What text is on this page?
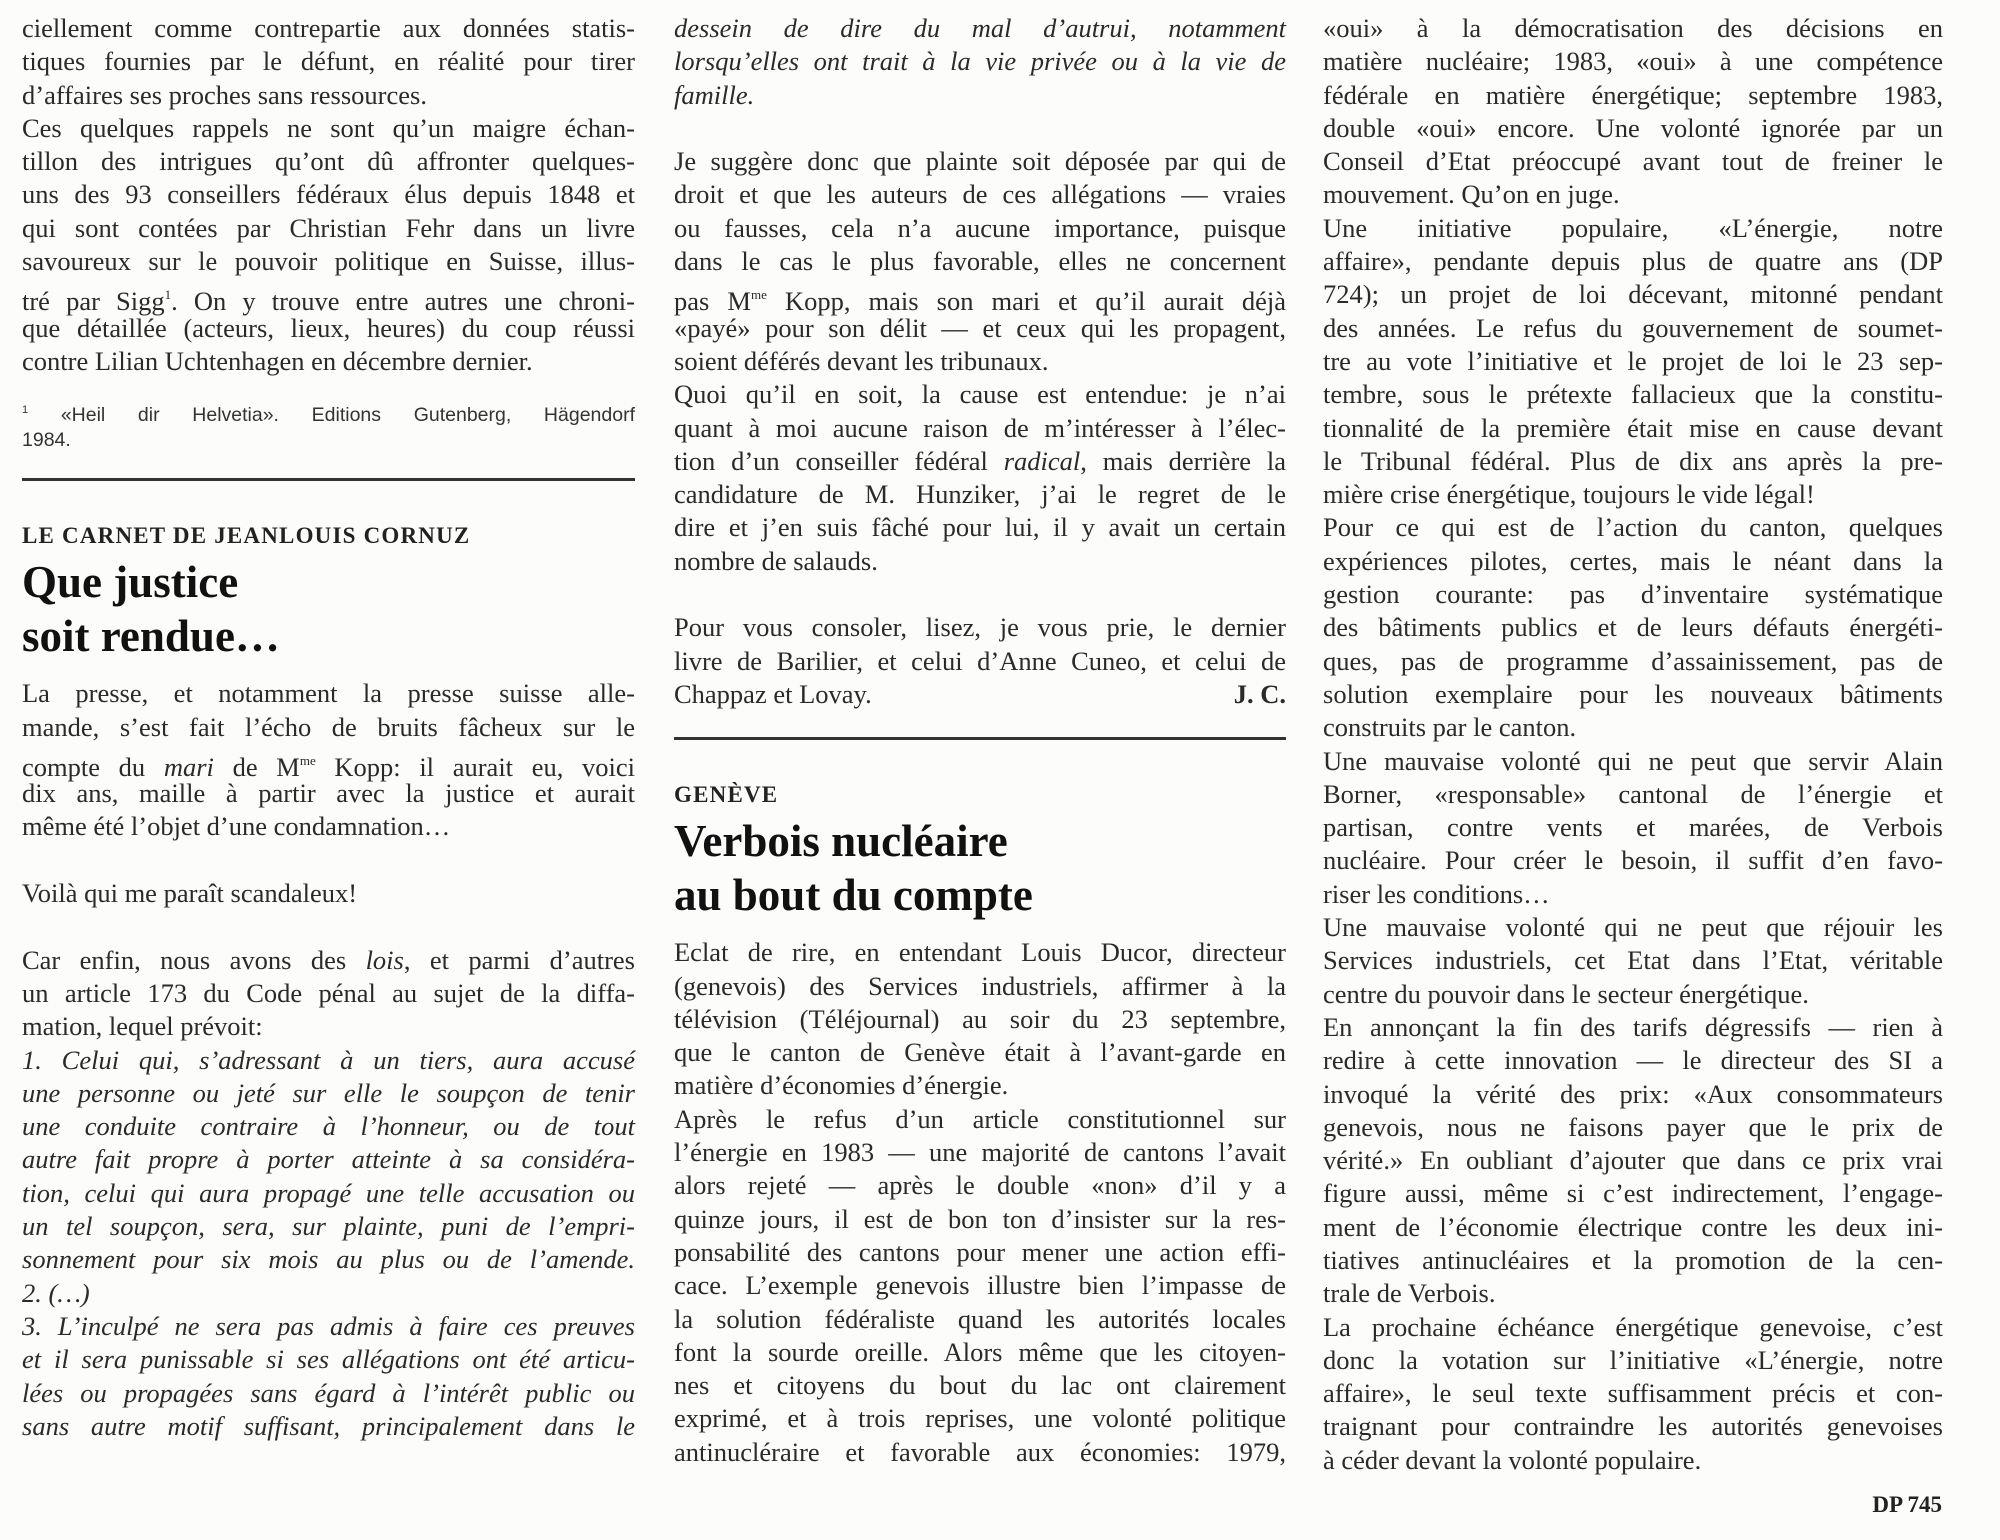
ciellement comme contrepartie aux données statis-
tiques fournies par le défunt, en réalité pour tirer
d’affaires ses proches sans ressources.
Ces quelques rappels ne sont qu’un maigre échan-
tillon des intrigues qu’ont dû affronter quelques-
uns des 93 conseillers fédéraux élus depuis 1848 et
qui sont contées par Christian Fehr dans un livre
savoureux sur le pouvoir politique en Suisse, illus-
tré par Sigg$^1$. On y trouve entre autres une chroni-
que détaillée (acteurs, lieux, heures) du coup réussi
contre Lilian Uchtenhagen en décembre dernier.
$^1$ «Heil dir Helvetia». Editions Gutenberg, Hägendorf
1984.
LE CARNET DE JEANLOUIS CORNUZ
Que justice
soit rendue…
La presse, et notamment la presse suisse alle-
mande, s’est fait l’écho de bruits fâcheux sur le
compte du mari de $M^{me}$ Kopp: il aurait eu, voici
dix ans, maille à partir avec la justice et aurait
même été l’objet d’une condamnation…
Voilà qui me paraît scandaleux!
Car enfin, nous avons des lois, et parmi d’autres
un article 173 du Code pénal au sujet de la diffa-
mation, lequel prévoit:
1. Celui qui, s’adressant à un tiers, aura accusé
une personne ou jeté sur elle le soupçon de tenir
une conduite contraire à l’honneur, ou de tout
autre fait propre à porter atteinte à sa considéra-
tion, celui qui aura propagé une telle accusation ou
un tel soupçon, sera, sur plainte, puni de l’empri-
sonnement pour six mois au plus ou de l’amende.
2. (…)
3. L’inculpé ne sera pas admis à faire ces preuves
et il sera punissable si ses allégations ont été articu-
lées ou propagées sans égard à l’intérêt public ou
sans autre motif suffisant, principalement dans le
dessein de dire du mal d’autrui, notamment
lorsqu’elles ont trait à la vie privée ou à la vie de
famille.
Je suggère donc que plainte soit déposée par qui de
droit et que les auteurs de ces allégations — vraies
ou fausses, cela n’a aucune importance, puisque
dans le cas le plus favorable, elles ne concernent
pas $M^{me}$ Kopp, mais son mari et qu’il aurait déjà
«payé» pour son délit — et ceux qui les propagent,
soient déférés devant les tribunaux.
Quoi qu’il en soit, la cause est entendue: je n’ai
quant à moi aucune raison de m’intéresser à l’élec-
tion d’un conseiller fédéral radical, mais derrière la
candidature de M. Hunziker, j’ai le regret de le
dire et j’en suis fâché pour lui, il y avait un certain
nombre de salauds.
Pour vous consoler, lisez, je vous prie, le dernier
livre de Barilier, et celui d’Anne Cuneo, et celui de
Chappaz et Lovay.	J. C.
GENÈVE
Verbois nucléaire
au bout du compte
Eclat de rire, en entendant Louis Ducor, directeur
(genevois) des Services industriels, affirmer à la
télévision (Téléjournal) au soir du 23 septembre,
que le canton de Genève était à l’avant-garde en
matière d’économies d’énergie.
Après le refus d’un article constitutionnel sur
l’énergie en 1983 — une majorité de cantons l’avait
alors rejeté — après le double «non» d’il y a
quinze jours, il est de bon ton d’insister sur la res-
ponsabilité des cantons pour mener une action effi-
cace. L’exemple genevois illustre bien l’impasse de
la solution fédéraliste quand les autorités locales
font la sourde oreille. Alors même que les citoyen-
nes et citoyens du bout du lac ont clairement
exprimé, et à trois reprises, une volonté politique
antinucléraire et favorable aux économies: 1979,
«oui» à la démocratisation des décisions en
matière nucléaire; 1983, «oui» à une compétence
fédérale en matière énergétique; septembre 1983,
double «oui» encore. Une volonté ignorée par un
Conseil d’Etat préoccupé avant tout de freiner le
mouvement. Qu’on en juge.
Une initiative populaire, «L’énergie, notre
affaire», pendante depuis plus de quatre ans (DP
724); un projet de loi décevant, mitonné pendant
des années. Le refus du gouvernement de soumet-
tre au vote l’initiative et le projet de loi le 23 sep-
tembre, sous le prétexte fallacieux que la constitu-
tionnalité de la première était mise en cause devant
le Tribunal fédéral. Plus de dix ans après la pre-
mière crise énergétique, toujours le vide légal!
Pour ce qui est de l’action du canton, quelques
expériences pilotes, certes, mais le néant dans la
gestion courante: pas d’inventaire systématique
des bâtiments publics et de leurs défauts énergéti-
ques, pas de programme d’assainissement, pas de
solution exemplaire pour les nouveaux bâtiments
construits par le canton.
Une mauvaise volonté qui ne peut que servir Alain
Borner, «responsable» cantonal de l’énergie et
partisan, contre vents et marées, de Verbois
nucléaire. Pour créer le besoin, il suffit d’en favo-
riser les conditions…
Une mauvaise volonté qui ne peut que réjouir les
Services industriels, cet Etat dans l’Etat, véritable
centre du pouvoir dans le secteur énergétique.
En annonçant la fin des tarifs dégressifs — rien à
redire à cette innovation — le directeur des SI a
invoqué la vérité des prix: «Aux consommateurs
genevois, nous ne faisons payer que le prix de
vérité.» En oubliant d’ajouter que dans ce prix vrai
figure aussi, même si c’est indirectement, l’engage-
ment de l’économie électrique contre les deux ini-
tiatives antinucléaires et la promotion de la cen-
trale de Verbois.
La prochaine échéance énergétique genevoise, c’est
donc la votation sur l’initiative «L’énergie, notre
affaire», le seul texte suffisamment précis et con-
traignant pour contraindre les autorités genevoises
à céder devant la volonté populaire.
DP 745
